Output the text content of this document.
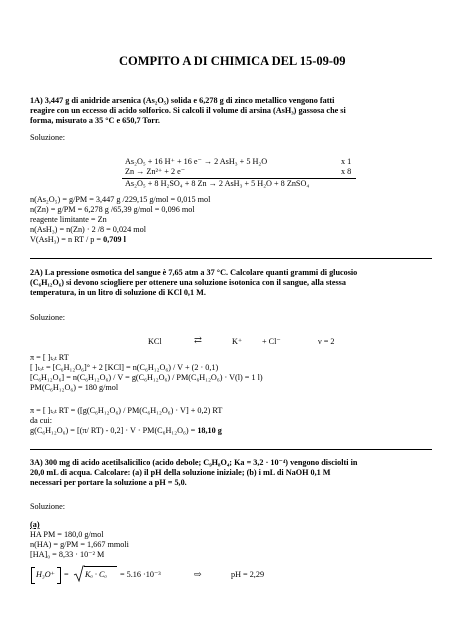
COMPITO A DI CHIMICA DEL 15-09-09
1A) 3,447 g di anidride arsenica (As₂O₅) solida e 6,278 g di zinco metallico vengono fatti
reagire con un eccesso di acido solforico. Si calcoli il volume di arsina (AsH₃) gassosa che si
forma, misurato a 35 °C e 650,7 Torr.
Soluzione:
As₂O₅ + 16 H⁺ + 16 e⁻ → 2 AsH₃ + 5 H₂O	x 1
Zn → Zn²⁺ + 2 e⁻	x 8
As₂O₅ + 8 H₂SO₄ + 8 Zn → 2 AsH₃ + 5 H₂O + 8 ZnSO₄
n(As₂O₅) = g/PM = 3,447 g /229,15 g/mol = 0,015 mol
n(Zn) = g/PM = 6,278 g /65,39 g/mol = 0,096 mol
reagente limitante = Zn
n(AsH₃) = n(Zn) · 2 /8 = 0,024 mol
V(AsH₃) = n RT / p = 0,709 l
2A) La pressione osmotica del sangue è 7,65 atm a 37 °C. Calcolare quanti grammi di glucosio
(C₆H₁₂O₆) si devono sciogliere per ottenere una soluzione isotonica con il sangue, alla stessa
temperatura, in un litro di soluzione di KCl 0,1 M.
Soluzione:
KCl	⇄	K⁺ + Cl⁻	ν = 2
π = [ ]ₜₒₜ RT
[ ]ₜₒₜ = [C₆H₁₂O₆]° + 2 [KCl] = n(C₆H₁₂O₆) / V + (2 · 0,1)
[C₆H₁₂O₆] = n(C₆H₁₂O₆) / V = g(C₆H₁₂O₆) / PM(C₆H₁₂O₆) · V(l) = 1 l)
PM(C₆H₁₂O₆) = 180 g/mol
π = [ ]ₜₒₜ RT = ([g(C₆H₁₂O₆) / PM(C₆H₁₂O₆) · V] + 0,2) RT
da cui:
g(C₆H₁₂O₆) = [(π/ RT) - 0,2] · V · PM(C₆H₁₂O₆) = 18,10 g
3A) 300 mg di acido acetilsalicilico (acido debole; C₉H₈O₄; Ka = 3,2 · 10⁻⁴) vengono disciolti in
20,0 mL di acqua. Calcolare: (a) il pH della soluzione iniziale; (b) i mL di NaOH 0,1 M
necessari per portare la soluzione a pH = 5,0.
Soluzione:
(a)
HA PM = 180,0 g/mol
n(HA) = g/PM = 1,667 mmoli
[HA]₀ = 8,33 · 10⁻² M
H₃O⁺ = Kₐ · Cₐ = 5.16 ·10⁻³	⇨	pH = 2,29
